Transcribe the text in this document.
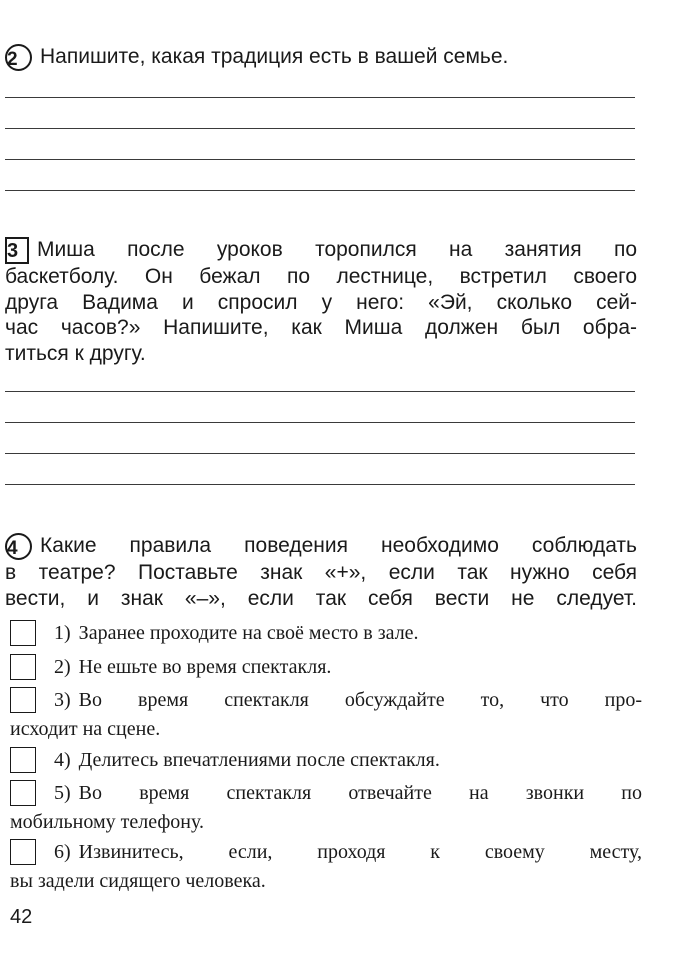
2 Напишите, какая традиция есть в вашей семье.

3 Миша после уроков торопился на занятия по

баскетболу. Он бежал по лестнице, встретил своего

друга Вадима и спросил у него: «Эй, сколько сей-

час часов?» Напишите, как Миша должен был обра-

титься к другу.

4 Какие правила поведения необходимо соблюдать

в театре? Поставьте знак «+», если так нужно себя

вести, и знак «–», если так себя вести не следует.

1) Заранее проходите на своё место в зале.
2) Не ешьте во время спектакля.
3) Во время спектакля обсуждайте то, что про-
исходит на сцене.
4) Делитесь впечатлениями после спектакля.
5) Во время спектакля отвечайте на звонки по
мобильному телефону.
6) Извинитесь, если, проходя к своему месту,
вы задели сидящего человека.
42
